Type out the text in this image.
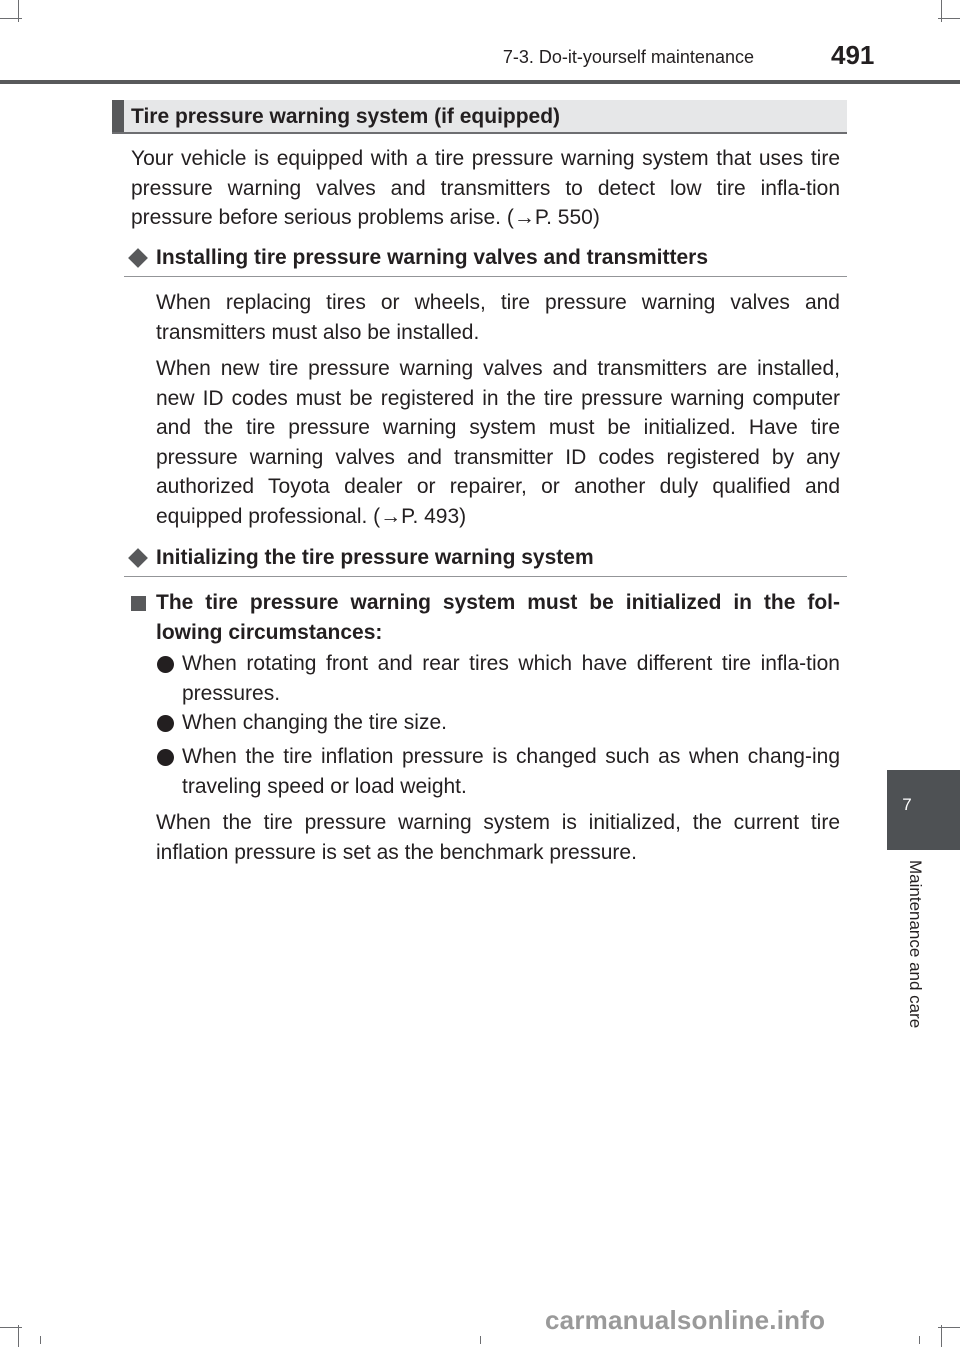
7-3. Do-it-yourself maintenance	491
Tire pressure warning system (if equipped)
Your vehicle is equipped with a tire pressure warning system that uses tire pressure warning valves and transmitters to detect low tire infla-tion pressure before serious problems arise. (→P. 550)
Installing tire pressure warning valves and transmitters
When replacing tires or wheels, tire pressure warning valves and transmitters must also be installed.
When new tire pressure warning valves and transmitters are installed, new ID codes must be registered in the tire pressure warning computer and the tire pressure warning system must be initialized. Have tire pressure warning valves and transmitter ID codes registered by any authorized Toyota dealer or repairer, or another duly qualified and equipped professional. (→P. 493)
Initializing the tire pressure warning system
The tire pressure warning system must be initialized in the fol-lowing circumstances:
When rotating front and rear tires which have different tire infla-tion pressures.
When changing the tire size.
When the tire inflation pressure is changed such as when chang-ing traveling speed or load weight.
When the tire pressure warning system is initialized, the current tire inflation pressure is set as the benchmark pressure.
7
Maintenance and care
carmanualsonline.info
